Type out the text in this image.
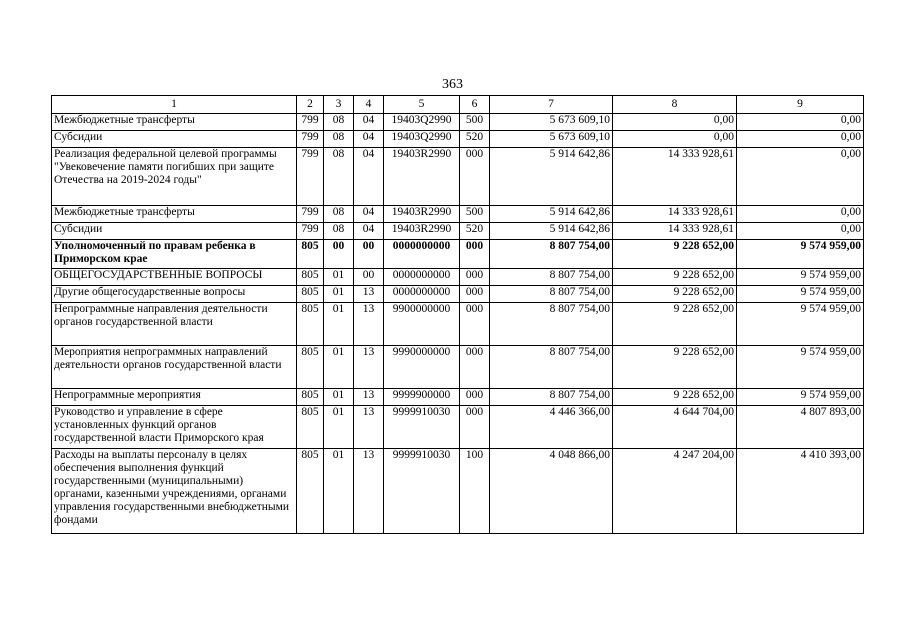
363
1	2	3	4	5	6	7	8	9
Межбюджетные трансферты	799	08	04	19403Q2990	500	5 673 609,10	0,00	0,00
Субсидии	799	08	04	19403Q2990	520	5 673 609,10	0,00	0,00
Реализация федеральной целевой программы "Увековечение памяти погибших при защите Отечества на 2019-2024 годы"	799	08	04	19403R2990	000	5 914 642,86	14 333 928,61	0,00
Межбюджетные трансферты	799	08	04	19403R2990	500	5 914 642,86	14 333 928,61	0,00
Субсидии	799	08	04	19403R2990	520	5 914 642,86	14 333 928,61	0,00
Уполномоченный по правам ребенка в Приморском крае	805	00	00	0000000000	000	8 807 754,00	9 228 652,00	9 574 959,00
ОБЩЕГОСУДАРСТВЕННЫЕ ВОПРОСЫ	805	01	00	0000000000	000	8 807 754,00	9 228 652,00	9 574 959,00
Другие общегосударственные вопросы	805	01	13	0000000000	000	8 807 754,00	9 228 652,00	9 574 959,00
Непрограммные направления деятельности органов государственной власти	805	01	13	9900000000	000	8 807 754,00	9 228 652,00	9 574 959,00
Мероприятия непрограммных направлений деятельности органов государственной власти	805	01	13	9990000000	000	8 807 754,00	9 228 652,00	9 574 959,00
Непрограммные мероприятия	805	01	13	9999900000	000	8 807 754,00	9 228 652,00	9 574 959,00
Руководство и управление в сфере установленных функций органов государственной власти Приморского края	805	01	13	9999910030	000	4 446 366,00	4 644 704,00	4 807 893,00
Расходы на выплаты персоналу в целях обеспечения выполнения функций государственными (муниципальными) органами, казенными учреждениями, органами управления государственными внебюджетными фондами	805	01	13	9999910030	100	4 048 866,00	4 247 204,00	4 410 393,00
